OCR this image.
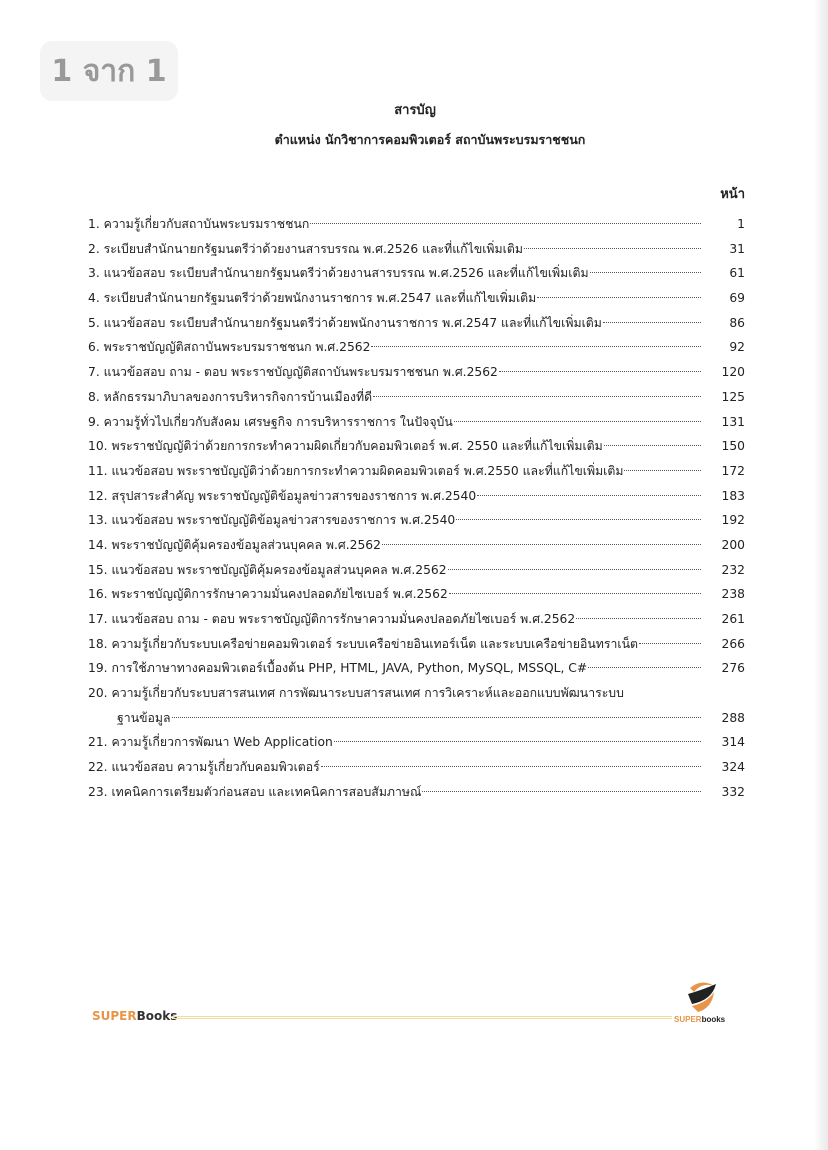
1 จาก 1
สารบัญ
ตำแหน่ง นักวิชาการคอมพิวเตอร์ สถาบันพระบรมราชชนก
หน้า
1. ความรู้เกี่ยวกับสถาบันพระบรมราชชนก	1
2. ระเบียบสำนักนายกรัฐมนตรีว่าด้วยงานสารบรรณ พ.ศ.2526 และที่แก้ไขเพิ่มเติม	31
3. แนวข้อสอบ ระเบียบสำนักนายกรัฐมนตรีว่าด้วยงานสารบรรณ พ.ศ.2526 และที่แก้ไขเพิ่มเติม	61
4. ระเบียบสำนักนายกรัฐมนตรีว่าด้วยพนักงานราชการ พ.ศ.2547 และที่แก้ไขเพิ่มเติม	69
5. แนวข้อสอบ ระเบียบสำนักนายกรัฐมนตรีว่าด้วยพนักงานราชการ พ.ศ.2547 และที่แก้ไขเพิ่มเติม	86
6. พระราชบัญญัติสถาบันพระบรมราชชนก พ.ศ.2562	92
7. แนวข้อสอบ ถาม - ตอบ พระราชบัญญัติสถาบันพระบรมราชชนก พ.ศ.2562	120
8. หลักธรรมาภิบาลของการบริหารกิจการบ้านเมืองที่ดี	125
9. ความรู้ทั่วไปเกี่ยวกับสังคม เศรษฐกิจ การบริหารราชการ ในปัจจุบัน	131
10. พระราชบัญญัติว่าด้วยการกระทำความผิดเกี่ยวกับคอมพิวเตอร์ พ.ศ. 2550 และที่แก้ไขเพิ่มเติม	150
11. แนวข้อสอบ พระราชบัญญัติว่าด้วยการกระทำความผิดคอมพิวเตอร์ พ.ศ.2550 และที่แก้ไขเพิ่มเติม	172
12. สรุปสาระสำคัญ พระราชบัญญัติข้อมูลข่าวสารของราชการ พ.ศ.2540	183
13. แนวข้อสอบ พระราชบัญญัติข้อมูลข่าวสารของราชการ พ.ศ.2540	192
14. พระราชบัญญัติคุ้มครองข้อมูลส่วนบุคคล พ.ศ.2562	200
15. แนวข้อสอบ พระราชบัญญัติคุ้มครองข้อมูลส่วนบุคคล พ.ศ.2562	232
16. พระราชบัญญัติการรักษาความมั่นคงปลอดภัยไซเบอร์ พ.ศ.2562	238
17. แนวข้อสอบ ถาม - ตอบ พระราชบัญญัติการรักษาความมั่นคงปลอดภัยไซเบอร์ พ.ศ.2562	261
18. ความรู้เกี่ยวกับระบบเครือข่ายคอมพิวเตอร์ ระบบเครือข่ายอินเทอร์เน็ต และระบบเครือข่ายอินทราเน็ต	266
19. การใช้ภาษาทางคอมพิวเตอร์เบื้องต้น PHP, HTML, JAVA, Python, MySQL, MSSQL, C#	276
20. ความรู้เกี่ยวกับระบบสารสนเทศ การพัฒนาระบบสารสนเทศ การวิเคราะห์และออกแบบพัฒนาระบบ
ฐานข้อมูล	288
21. ความรู้เกี่ยวการพัฒนา Web Application	314
22. แนวข้อสอบ ความรู้เกี่ยวกับคอมพิวเตอร์	324
23. เทคนิคการเตรียมตัวก่อนสอบ และเทคนิคการสอบสัมภาษณ์	332
SUPERBooks	SUPERbooks
